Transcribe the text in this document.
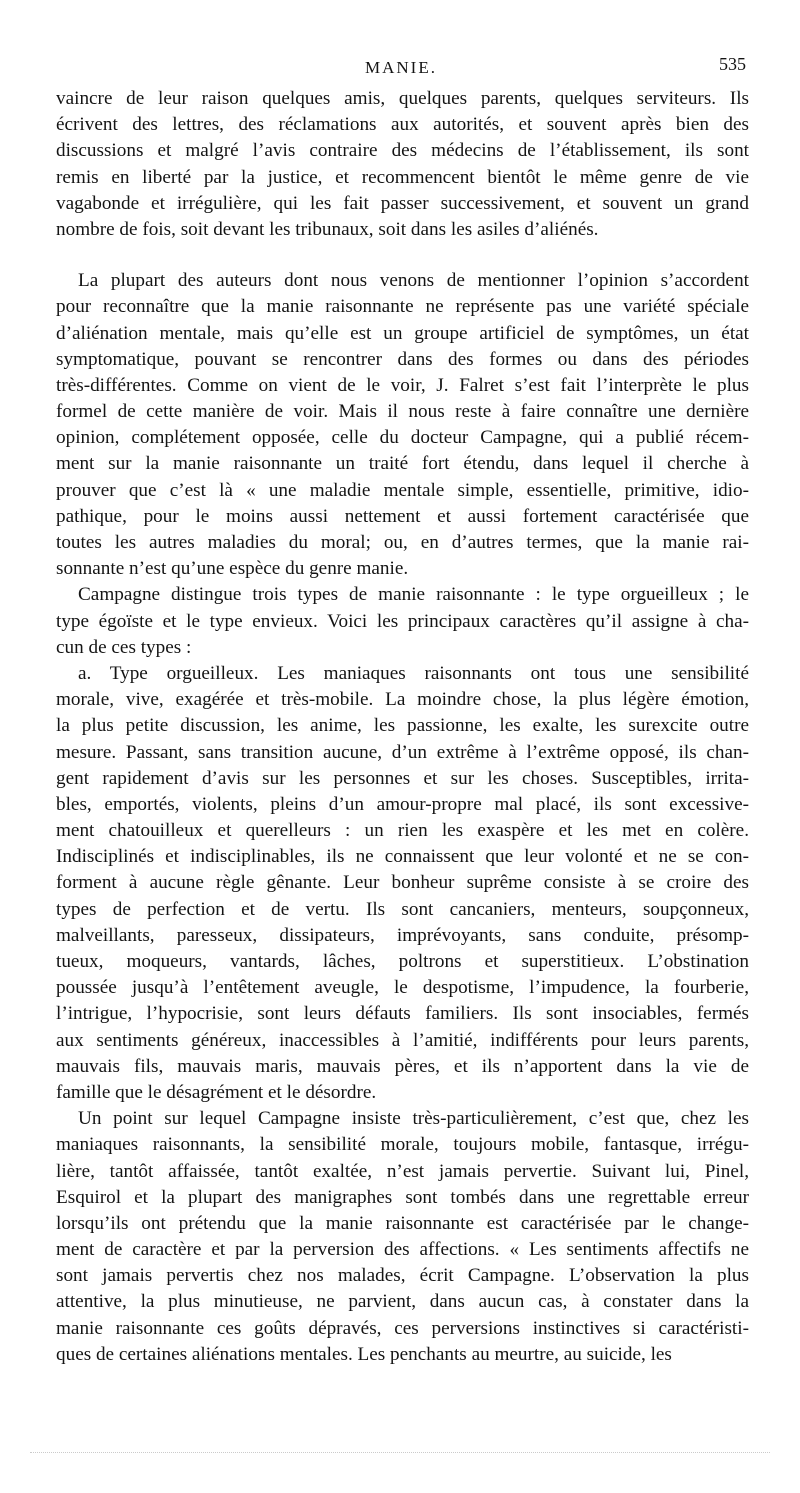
MANIE.	535
vaincre de leur raison quelques amis, quelques parents, quelques serviteurs. Ils
écrivent des lettres, des réclamations aux autorités, et souvent après bien des
discussions et malgré l’avis contraire des médecins de l’établissement, ils sont
remis en liberté par la justice, et recommencent bientôt le même genre de vie
vagabonde et irrégulière, qui les fait passer successivement, et souvent un grand
nombre de fois, soit devant les tribunaux, soit dans les asiles d’aliénés.
La plupart des auteurs dont nous venons de mentionner l’opinion s’accordent
pour reconnaître que la manie raisonnante ne représente pas une variété spéciale
d’aliénation mentale, mais qu’elle est un groupe artificiel de symptômes, un état
symptomatique, pouvant se rencontrer dans des formes ou dans des périodes
très-différentes. Comme on vient de le voir, J. Falret s’est fait l’interprète le plus
formel de cette manière de voir. Mais il nous reste à faire connaître une dernière
opinion, complétement opposée, celle du docteur Campagne, qui a publié récem-
ment sur la manie raisonnante un traité fort étendu, dans lequel il cherche à
prouver que c’est là « une maladie mentale simple, essentielle, primitive, idio-
pathique, pour le moins aussi nettement et aussi fortement caractérisée que
toutes les autres maladies du moral; ou, en d’autres termes, que la manie rai-
sonnante n’est qu’une espèce du genre manie.
Campagne distingue trois types de manie raisonnante : le type orgueilleux ; le
type égoïste et le type envieux. Voici les principaux caractères qu’il assigne à cha-
cun de ces types :
a. Type orgueilleux. Les maniaques raisonnants ont tous une sensibilité
morale, vive, exagérée et très-mobile. La moindre chose, la plus légère émotion,
la plus petite discussion, les anime, les passionne, les exalte, les surexcite outre
mesure. Passant, sans transition aucune, d’un extrême à l’extrême opposé, ils chan-
gent rapidement d’avis sur les personnes et sur les choses. Susceptibles, irrita-
bles, emportés, violents, pleins d’un amour-propre mal placé, ils sont excessive-
ment chatouilleux et querelleurs : un rien les exaspère et les met en colère.
Indisciplinés et indisciplinables, ils ne connaissent que leur volonté et ne se con-
forment à aucune règle gênante. Leur bonheur suprême consiste à se croire des
types de perfection et de vertu. Ils sont cancaniers, menteurs, soupçonneux,
malveillants, paresseux, dissipateurs, imprévoyants, sans conduite, présomp-
tueux, moqueurs, vantards, lâches, poltrons et superstitieux. L’obstination
poussée jusqu’à l’entêtement aveugle, le despotisme, l’impudence, la fourberie,
l’intrigue, l’hypocrisie, sont leurs défauts familiers. Ils sont insociables, fermés
aux sentiments généreux, inaccessibles à l’amitié, indifférents pour leurs parents,
mauvais fils, mauvais maris, mauvais pères, et ils n’apportent dans la vie de
famille que le désagrément et le désordre.
Un point sur lequel Campagne insiste très-particulièrement, c’est que, chez les
maniaques raisonnants, la sensibilité morale, toujours mobile, fantasque, irrégu-
lière, tantôt affaissée, tantôt exaltée, n’est jamais pervertie. Suivant lui, Pinel,
Esquirol et la plupart des manigraphes sont tombés dans une regrettable erreur
lorsqu’ils ont prétendu que la manie raisonnante est caractérisée par le change-
ment de caractère et par la perversion des affections. « Les sentiments affectifs ne
sont jamais pervertis chez nos malades, écrit Campagne. L’observation la plus
attentive, la plus minutieuse, ne parvient, dans aucun cas, à constater dans la
manie raisonnante ces goûts dépravés, ces perversions instinctives si caractéristi-
ques de certaines aliénations mentales. Les penchants au meurtre, au suicide, les
